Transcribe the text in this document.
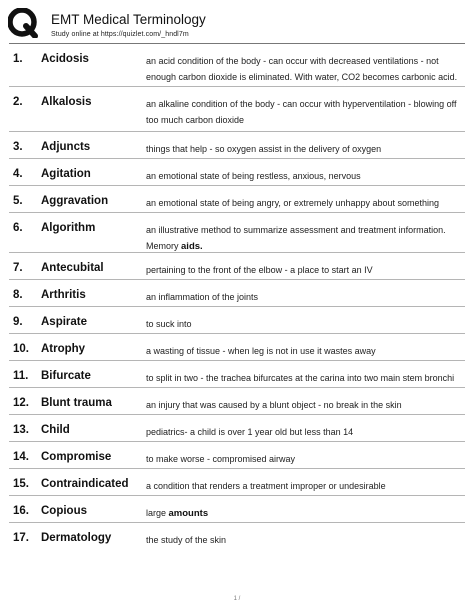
EMT Medical Terminology
Study online at https://quizlet.com/_hndl7m
1. Acidosis	an acid condition of the body - can occur with decreased ventilations - not
enough carbon dioxide is eliminated. With water, CO2 becomes carbonic acid.
2. Alkalosis	an alkaline condition of the body - can occur with hyperventilation - blowing off
too much carbon dioxide
3. Adjuncts	things that help - so oxygen assist in the delivery of oxygen
4. Agitation	an emotional state of being restless, anxious, nervous
5. Aggravation	an emotional state of being angry, or extremely unhappy about something
6. Algorithm	an illustrative method to summarize assessment and treatment information.
Memory aids.
7. Antecubital	pertaining to the front of the elbow - a place to start an IV
8. Arthritis	an inflammation of the joints
9. Aspirate	to suck into
10. Atrophy	a wasting of tissue - when leg is not in use it wastes away
11. Bifurcate	to split in two - the trachea bifurcates at the carina into two main stem bronchi
12. Blunt trauma	an injury that was caused by a blunt object - no break in the skin
13. Child	pediatrics- a child is over 1 year old but less than 14
14. Compromise	to make worse - compromised airway
15. Contraindicated a condition that renders a treatment improper or undesirable
16. Copious	large amounts
17. Dermatology	the study of the skin
1 /
